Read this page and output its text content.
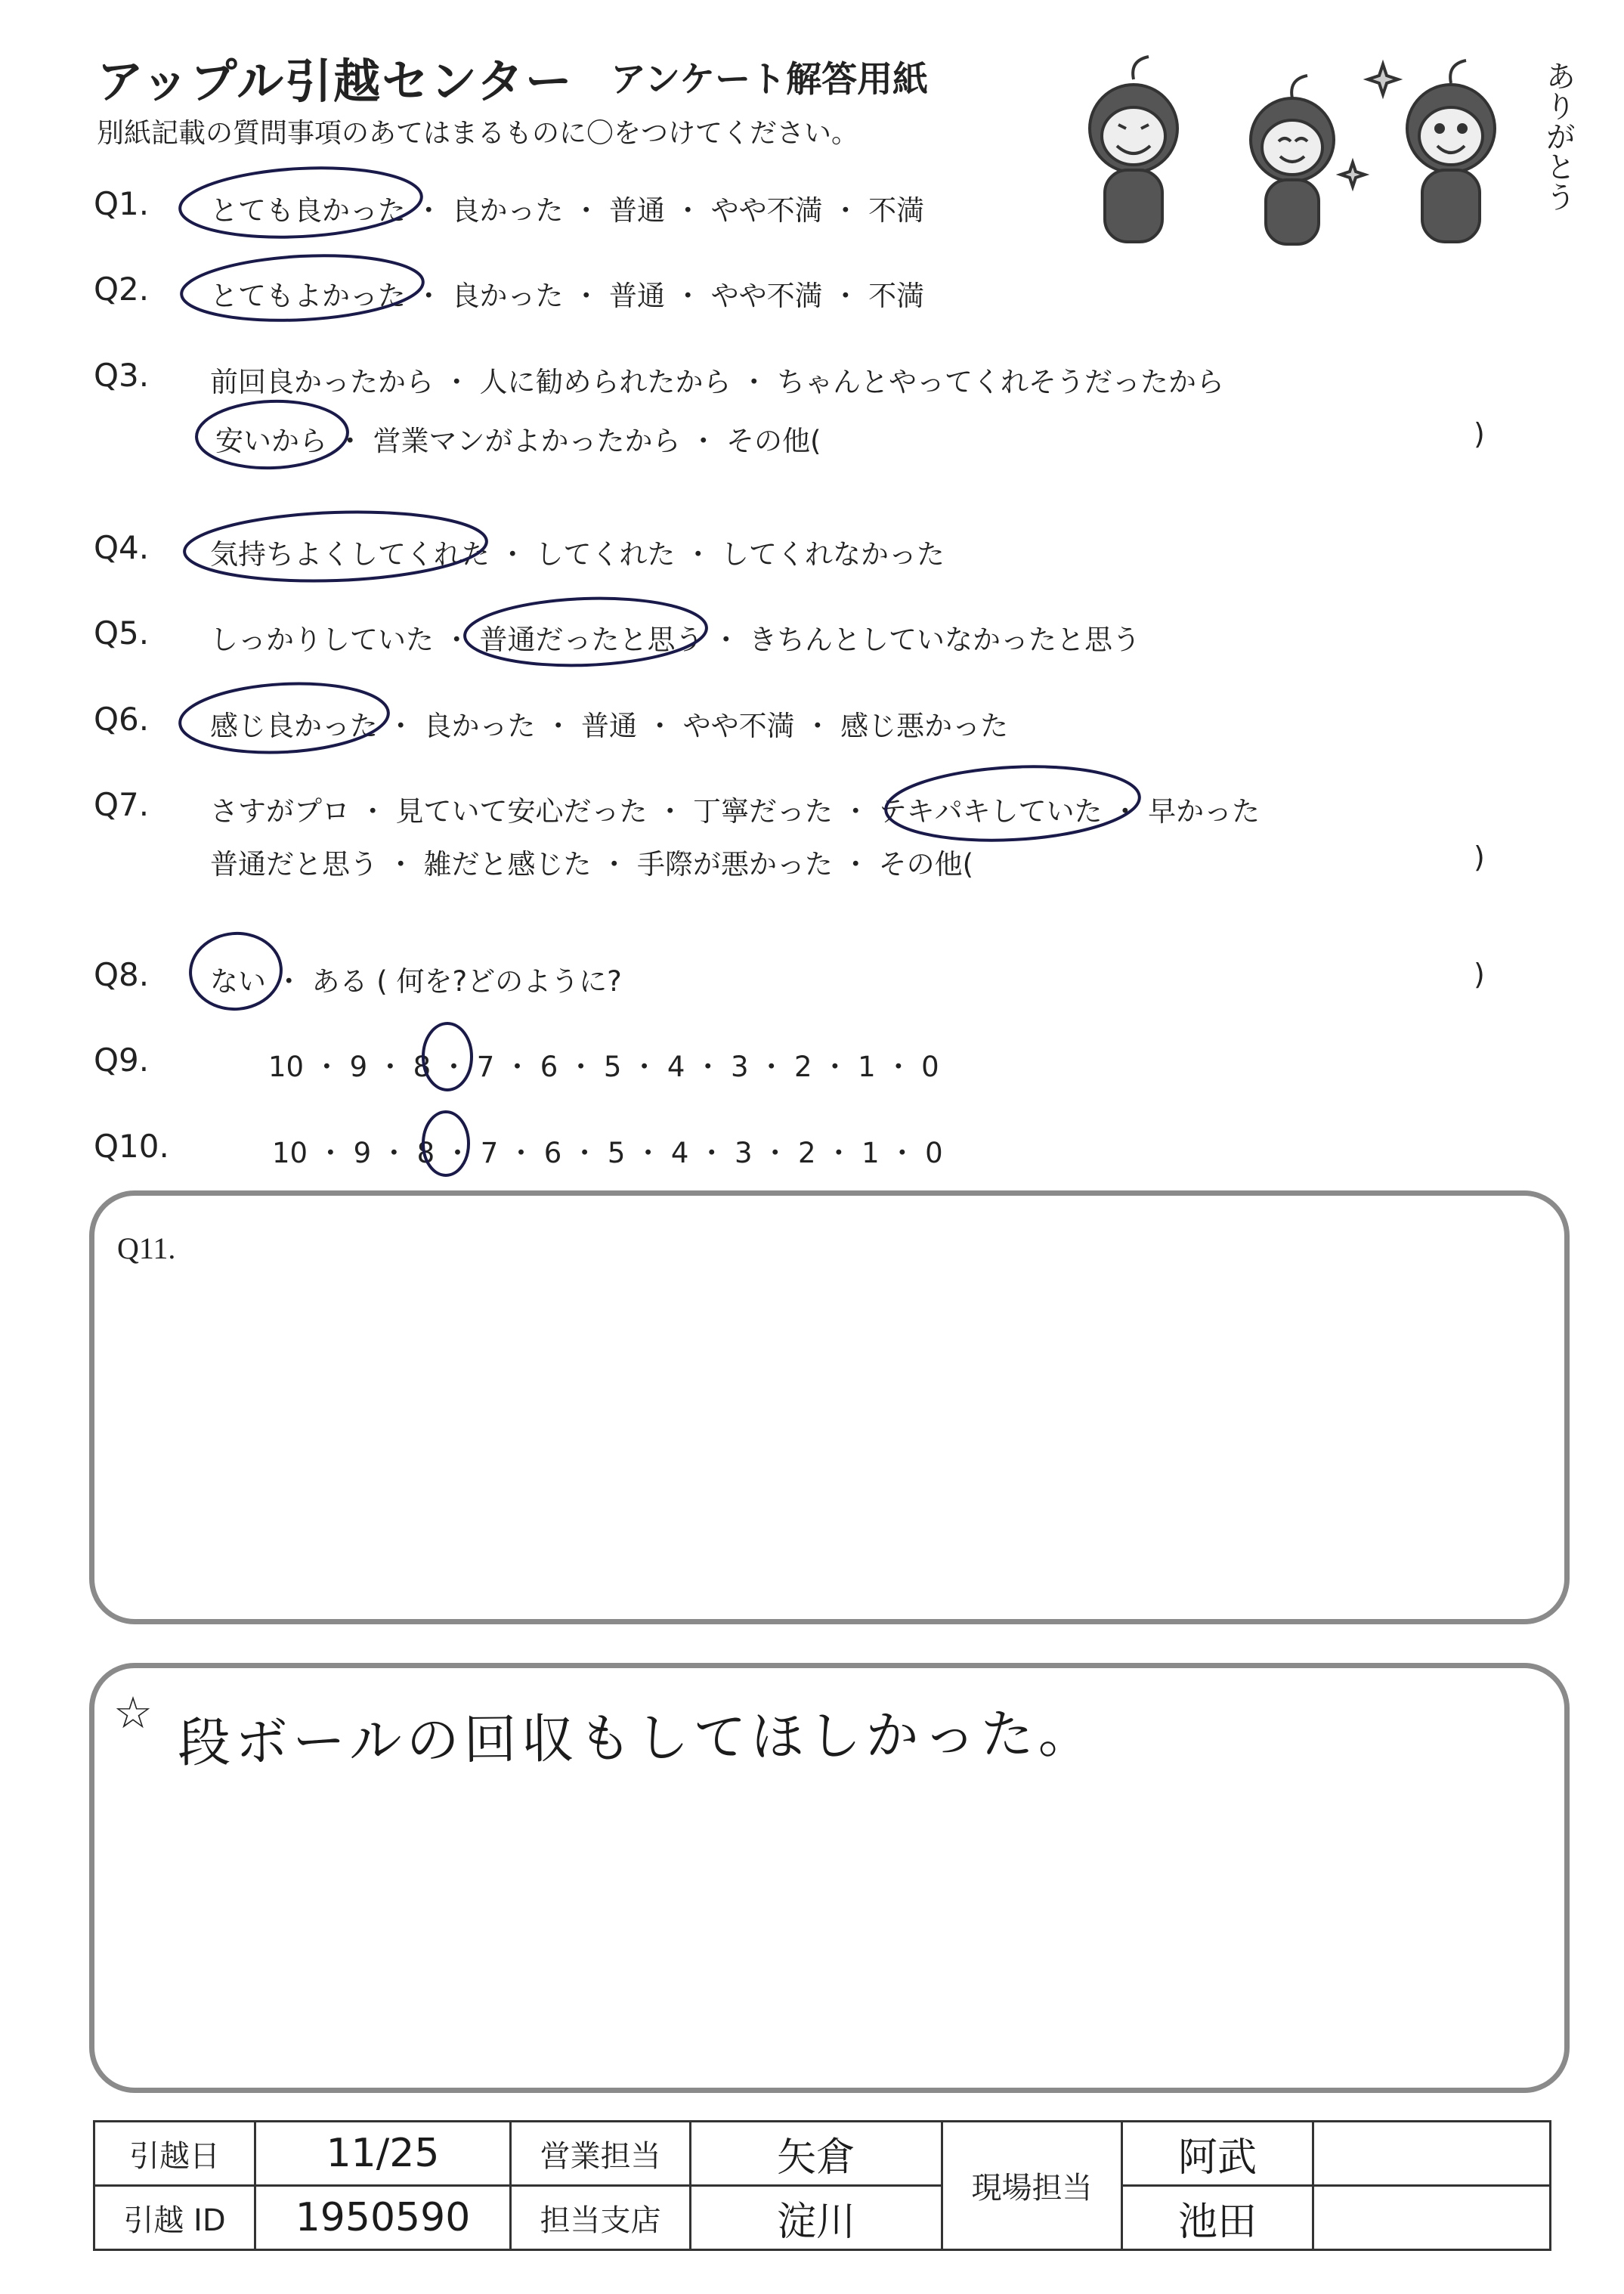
アップル引越センター アンケート解答用紙
別紙記載の質問事項のあてはまるものに〇をつけてください。	ありがとう
Q1. とても良かった ・ 良かった ・ 普通 ・ やや不満 ・ 不満
Q2. とてもよかった ・ 良かった ・ 普通 ・ やや不満 ・ 不満
Q3. 前回良かったから ・ 人に勧められたから ・ ちゃんとやってくれそうだったから
安いから ・ 営業マンがよかったから ・ その他(	)
Q4. 気持ちよくしてくれた ・ してくれた ・ してくれなかった
Q5. しっかりしていた ・ 普通だったと思う ・ きちんとしていなかったと思う
Q6. 感じ良かった ・ 良かった ・ 普通 ・ やや不満 ・ 感じ悪かった
Q7. さすがプロ ・ 見ていて安心だった ・ 丁寧だった ・ テキパキしていた ・ 早かった
普通だと思う ・ 雑だと感じた ・ 手際が悪かった ・ その他(	)
Q8. ない ・ ある ( 何を?どのように?	)
Q9.	10 ・ 9 ・ 8 ・ 7 ・ 6 ・ 5 ・ 4 ・ 3 ・ 2 ・ 1 ・ 0
Q10.	10 ・ 9 ・ 8 ・ 7 ・ 6 ・ 5 ・ 4 ・ 3 ・ 2 ・ 1 ・ 0
Q11.
☆ 段ボールの回収もしてほしかった。
引越日	11/25	営業担当	矢倉	現場担当	阿武	
引越 ID	1950590	担当支店	淀川		池田	
